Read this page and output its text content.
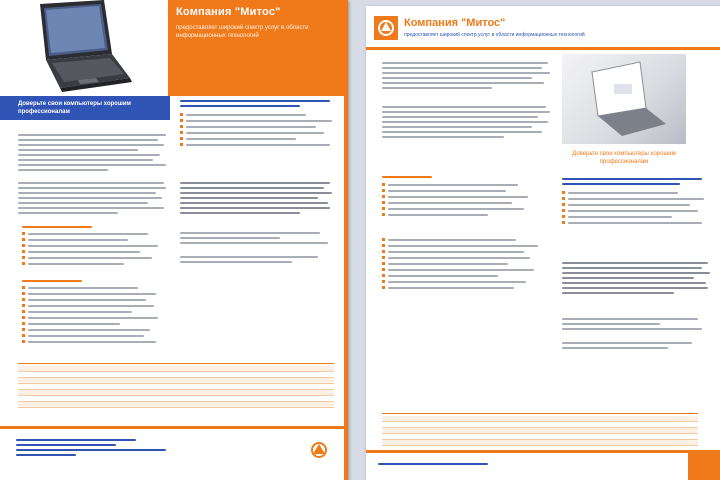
Компания "Митос"
предоставляет широкий спектр услуг в области информационных технологий
Доверьте свои компьютеры хорошим профессионалам
Компания "Митос"
предоставляет широкий спектр услуг в области информационных технологий
Доверьте свои компьютеры хорошим профессионалам
